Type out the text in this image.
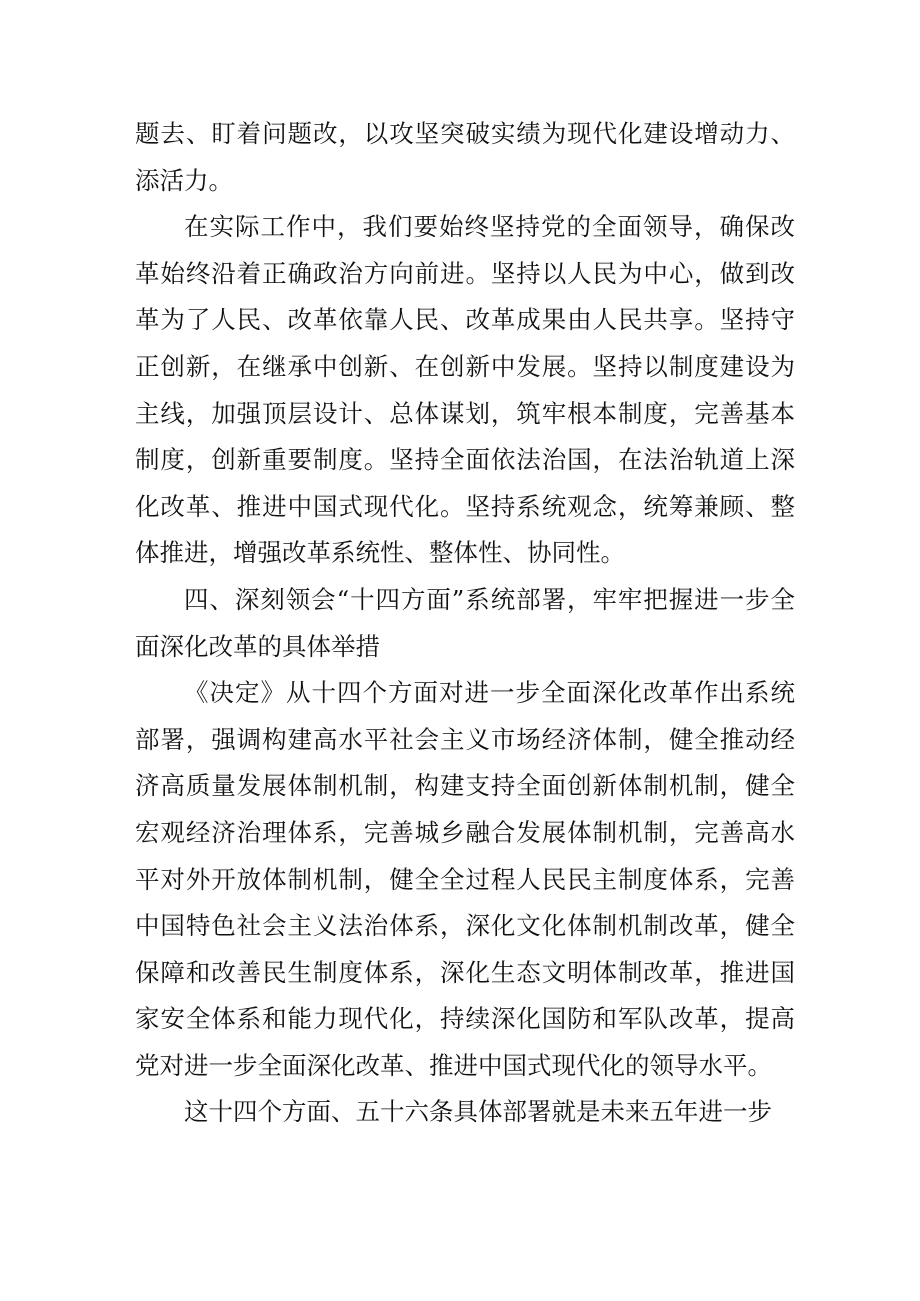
题去、盯着问题改，以攻坚突破实绩为现代化建设增动力、添活力。

在实际工作中，我们要始终坚持党的全面领导，确保改革始终沿着正确政治方向前进。坚持以人民为中心，做到改革为了人民、改革依靠人民、改革成果由人民共享。坚持守正创新，在继承中创新、在创新中发展。坚持以制度建设为主线，加强顶层设计、总体谋划，筑牢根本制度，完善基本制度，创新重要制度。坚持全面依法治国，在法治轨道上深化改革、推进中国式现代化。坚持系统观念，统筹兼顾、整体推进，增强改革系统性、整体性、协同性。

四、深刻领会“十四方面”系统部署，牢牢把握进一步全面深化改革的具体举措

《决定》从十四个方面对进一步全面深化改革作出系统部署，强调构建高水平社会主义市场经济体制，健全推动经济高质量发展体制机制，构建支持全面创新体制机制，健全宏观经济治理体系，完善城乡融合发展体制机制，完善高水平对外开放体制机制，健全全过程人民民主制度体系，完善中国特色社会主义法治体系，深化文化体制机制改革，健全保障和改善民生制度体系，深化生态文明体制改革，推进国家安全体系和能力现代化，持续深化国防和军队改革，提高党对进一步全面深化改革、推进中国式现代化的领导水平。

这十四个方面、五十六条具体部署就是未来五年进一步
